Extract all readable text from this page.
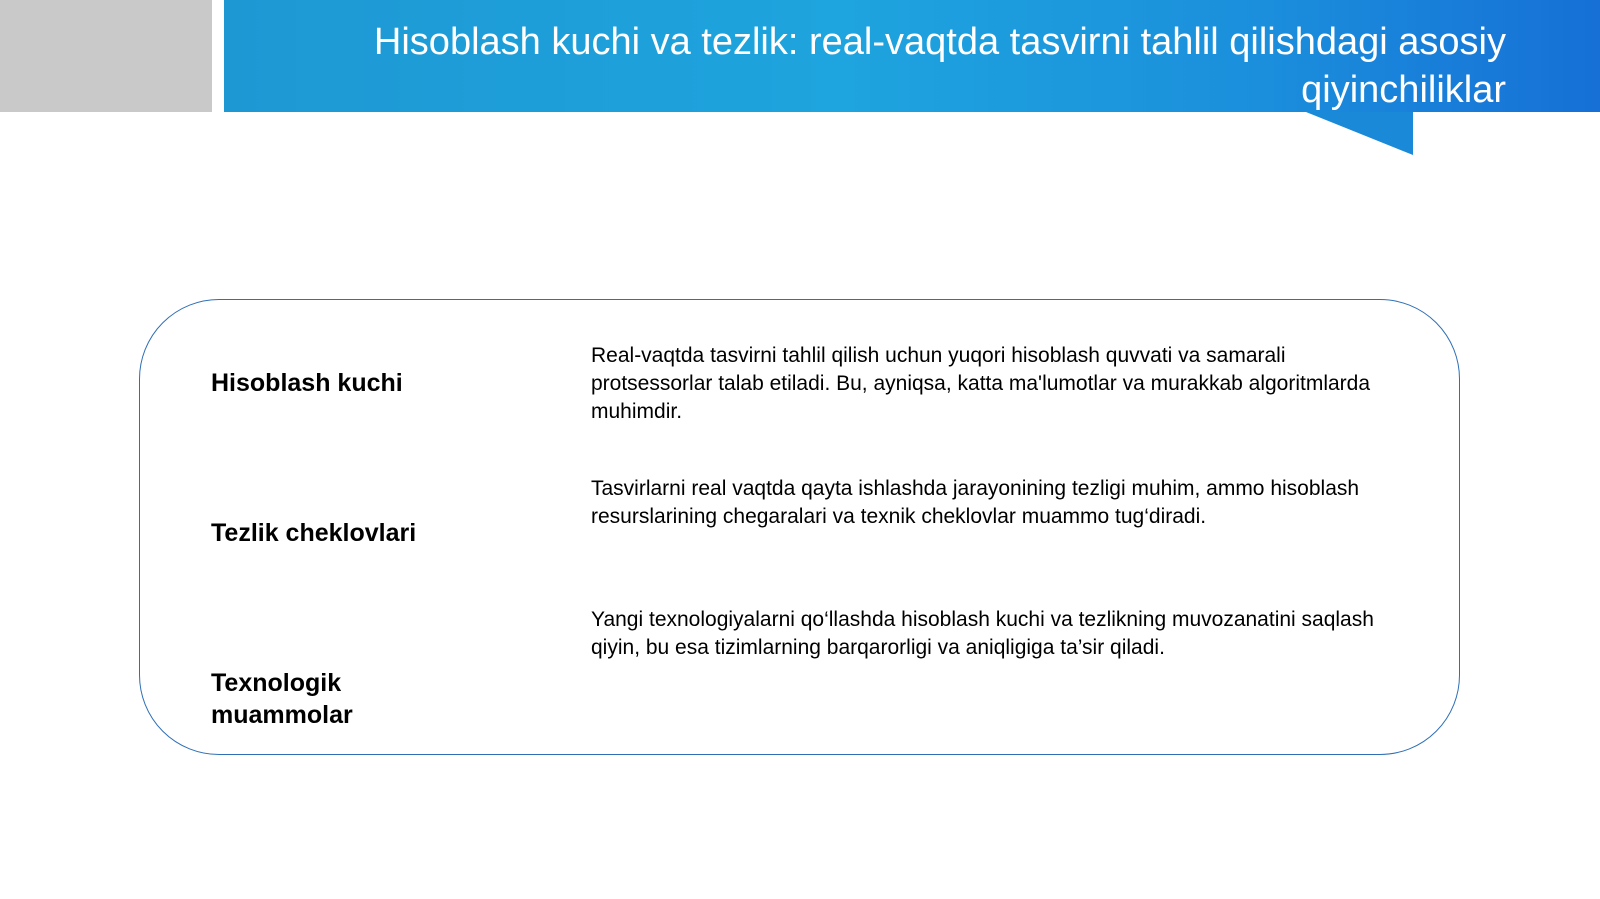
Hisoblash kuchi va tezlik: real-vaqtda tasvirni tahlil qilishdagi asosiy qiyinchiliklar

Hisoblash kuchi

Real-vaqtda tasvirni tahlil qilish uchun yuqori hisoblash quvvati va samarali protsessorlar talab etiladi. Bu, ayniqsa, katta ma'lumotlar va murakkab algoritmlarda muhimdir.

Tezlik cheklovlari

Tasvirlarni real vaqtda qayta ishlashda jarayonining tezligi muhim, ammo hisoblash resurslarining chegaralari va texnik cheklovlar muammo tug‘diradi.

Texnologik muammolar

Yangi texnologiyalarni qo‘llashda hisoblash kuchi va tezlikning muvozanatini saqlash qiyin, bu esa tizimlarning barqarorligi va aniqligiga ta’sir qiladi.
